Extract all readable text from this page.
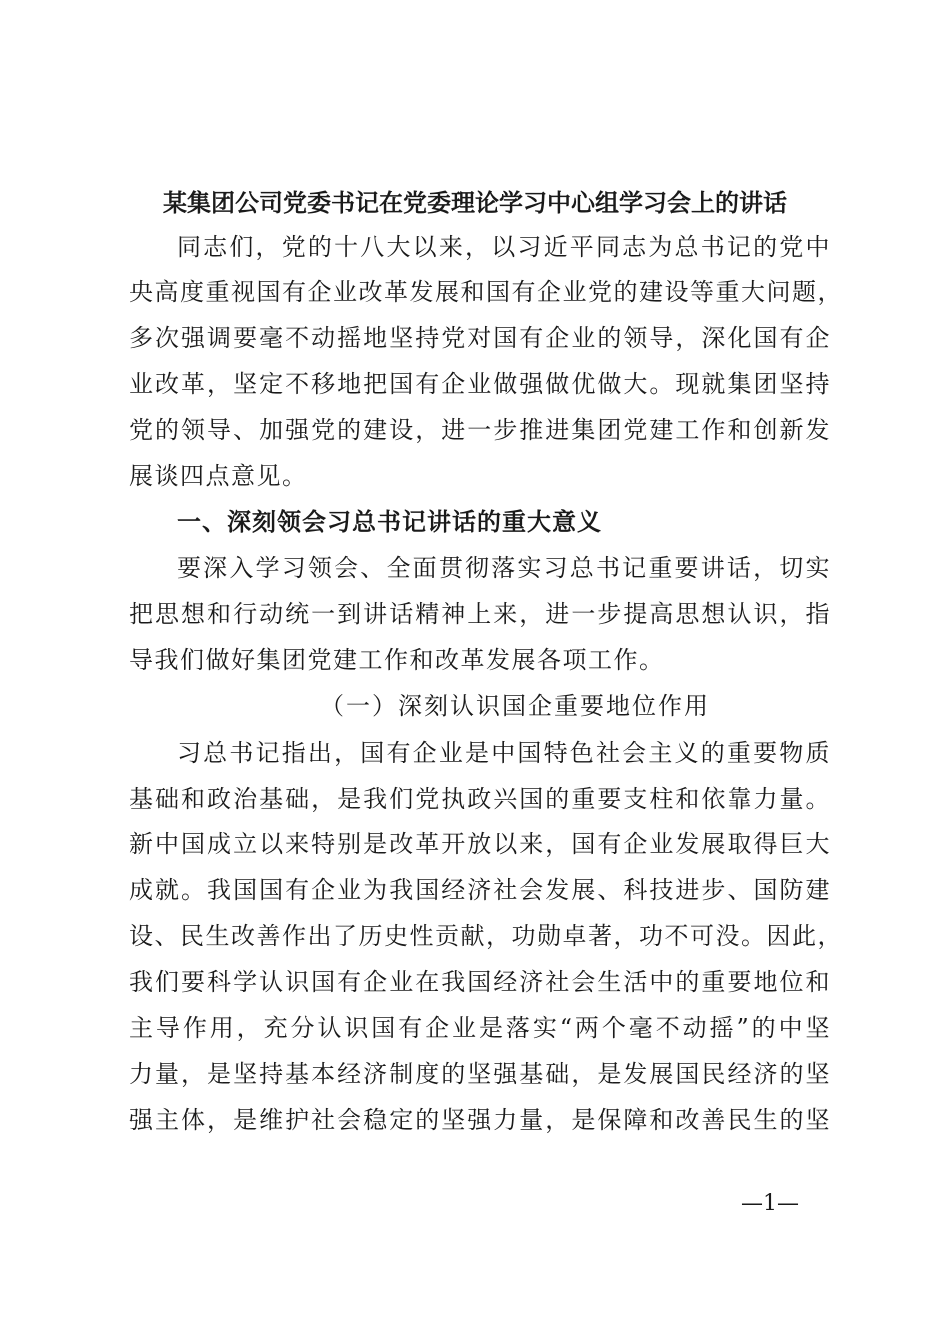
某集团公司党委书记在党委理论学习中心组学习会上的讲话
同志们，党的十八大以来，以习近平同志为总书记的党中
央高度重视国有企业改革发展和国有企业党的建设等重大问题，
多次强调要毫不动摇地坚持党对国有企业的领导，深化国有企
业改革，坚定不移地把国有企业做强做优做大。现就集团坚持
党的领导、加强党的建设，进一步推进集团党建工作和创新发
展谈四点意见。
一、深刻领会习总书记讲话的重大意义
要深入学习领会、全面贯彻落实习总书记重要讲话，切实
把思想和行动统一到讲话精神上来，进一步提高思想认识，指
导我们做好集团党建工作和改革发展各项工作。
（一）深刻认识国企重要地位作用
习总书记指出，国有企业是中国特色社会主义的重要物质
基础和政治基础，是我们党执政兴国的重要支柱和依靠力量。
新中国成立以来特别是改革开放以来，国有企业发展取得巨大
成就。我国国有企业为我国经济社会发展、科技进步、国防建
设、民生改善作出了历史性贡献，功勋卓著，功不可没。因此，
我们要科学认识国有企业在我国经济社会生活中的重要地位和
主导作用，充分认识国有企业是落实“两个毫不动摇”的中坚
力量，是坚持基本经济制度的坚强基础，是发展国民经济的坚
强主体，是维护社会稳定的坚强力量，是保障和改善民生的坚
—1—
